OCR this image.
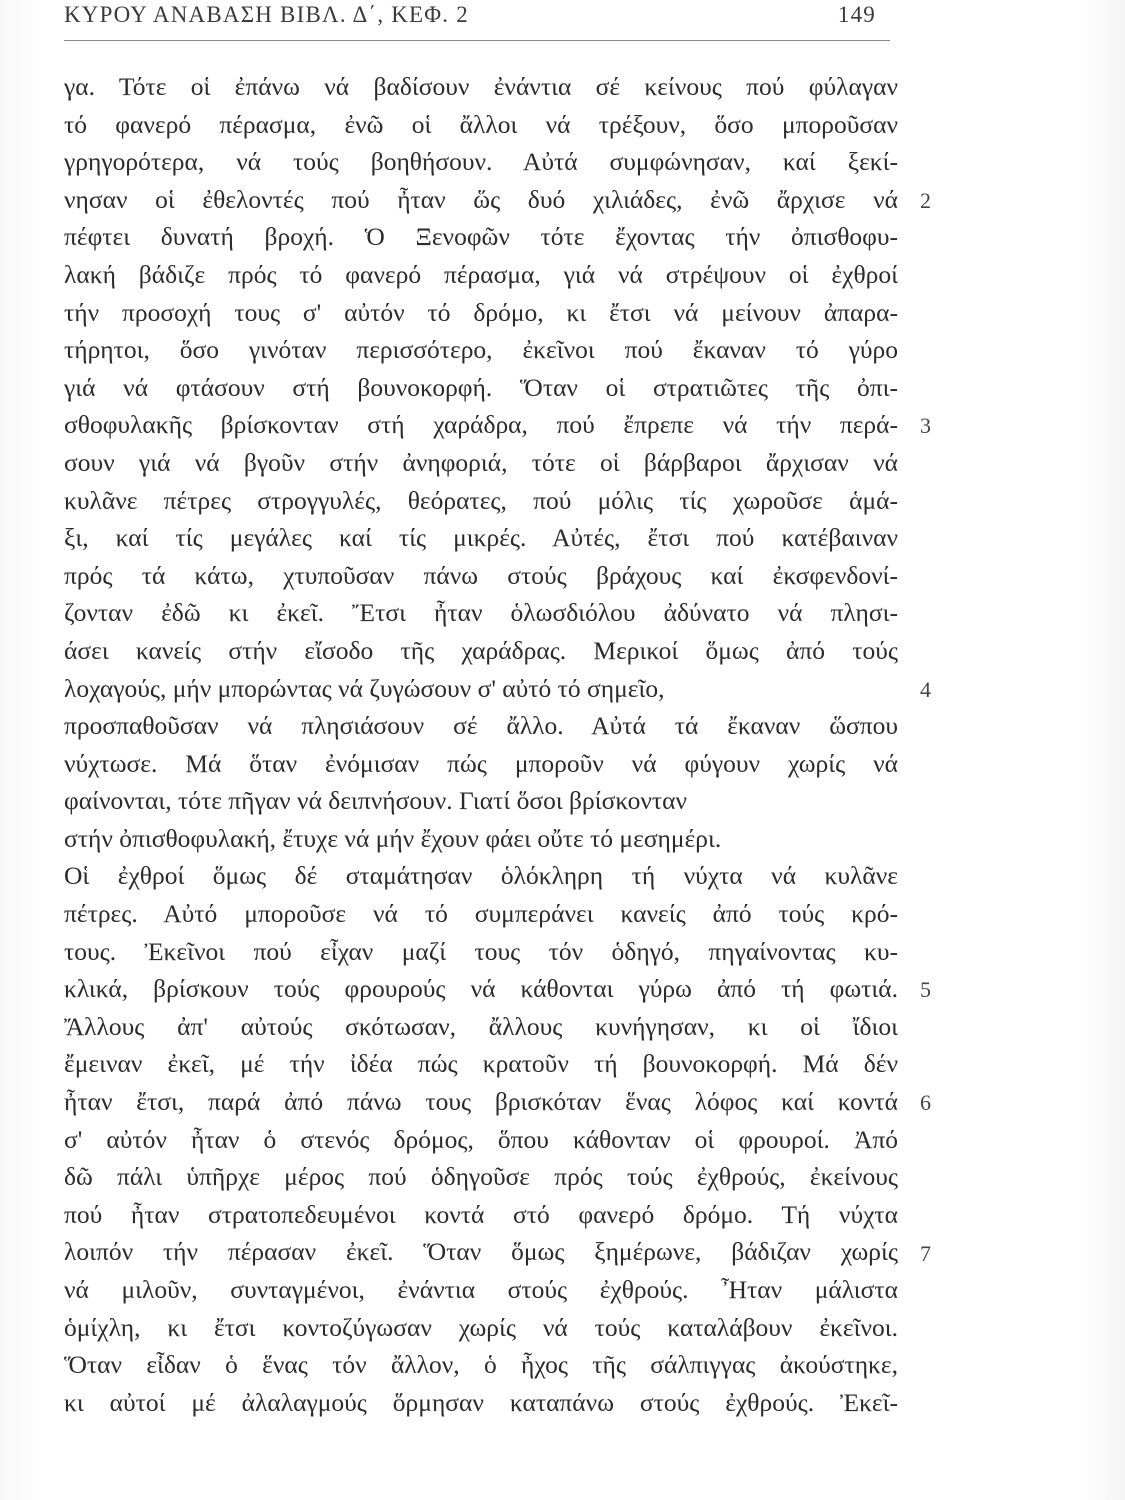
ΚΥΡΟΥ ΑΝΑΒΑΣΗ ΒΙΒΛ. Δ΄, ΚΕΦ. 2	149
γα. Τότε οἱ ἐπάνω νά βαδίσουν ἐνάντια σέ κείνους πού φύλαγαν
τό φανερό πέρασμα, ἐνῶ οἱ ἄλλοι νά τρέξουν, ὅσο μποροῦσαν
γρηγορότερα, νά τούς βοηθήσουν. Αὐτά συμφώνησαν, καί ξεκί-
νησαν οἱ ἐθελοντές πού ἦταν ὥς δυό χιλιάδες, ἐνῶ ἄρχισε νά
πέφτει δυνατή βροχή. Ὁ Ξενοφῶν τότε ἔχοντας τήν ὀπισθοφυ-
λακή βάδιζε πρός τό φανερό πέρασμα, γιά νά στρέψουν οἱ ἐχθροί
τήν προσοχή τους σ' αὐτόν τό δρόμο, κι ἔτσι νά μείνουν ἀπαρα-
τήρητοι, ὅσο γινόταν περισσότερο, ἐκεῖνοι πού ἔκαναν τό γύρο
γιά νά φτάσουν στή βουνοκορφή. Ὅταν οἱ στρατιῶτες τῆς ὀπι-
σθοφυλακῆς βρίσκονταν στή χαράδρα, πού ἔπρεπε νά τήν περά-
σουν γιά νά βγοῦν στήν ἀνηφοριά, τότε οἱ βάρβαροι ἄρχισαν νά
κυλᾶνε πέτρες στρογγυλές, θεόρατες, πού μόλις τίς χωροῦσε ἁμά-
ξι, καί τίς μεγάλες καί τίς μικρές. Αὐτές, ἔτσι πού κατέβαιναν
πρός τά κάτω, χτυποῦσαν πάνω στούς βράχους καί ἐκσφενδονί-
ζονταν ἐδῶ κι ἐκεῖ. Ἔτσι ἦταν ὁλωσδιόλου ἀδύνατο νά πλησι-
άσει κανείς στήν εἴσοδο τῆς χαράδρας. Μερικοί ὅμως ἀπό τούς
λοχαγούς, μήν μπορώντας νά ζυγώσουν σ' αὐτό τό σημεῖο,
προσπαθοῦσαν νά πλησιάσουν σέ ἄλλο. Αὐτά τά ἔκαναν ὥσπου
νύχτωσε. Μά ὅταν ἐνόμισαν πώς μποροῦν νά φύγουν χωρίς νά
φαίνονται, τότε πῆγαν νά δειπνήσουν. Γιατί ὅσοι βρίσκονταν
στήν ὀπισθοφυλακή, ἔτυχε νά μήν ἔχουν φάει οὔτε τό μεσημέρι.
Οἱ ἐχθροί ὅμως δέ σταμάτησαν ὁλόκληρη τή νύχτα νά κυλᾶνε
πέτρες. Αὐτό μποροῦσε νά τό συμπεράνει κανείς ἀπό τούς κρό-
τους. Ἐκεῖνοι πού εἶχαν μαζί τους τόν ὁδηγό, πηγαίνοντας κυ-
κλικά, βρίσκουν τούς φρουρούς νά κάθονται γύρω ἀπό τή φωτιά.
Ἄλλους ἀπ' αὐτούς σκότωσαν, ἄλλους κυνήγησαν, κι οἱ ἴδιοι
ἔμειναν ἐκεῖ, μέ τήν ἰδέα πώς κρατοῦν τή βουνοκορφή. Μά δέν
ἦταν ἔτσι, παρά ἀπό πάνω τους βρισκόταν ἕνας λόφος καί κοντά
σ' αὐτόν ἦταν ὁ στενός δρόμος, ὅπου κάθονταν οἱ φρουροί. Ἀπό
δῶ πάλι ὑπῆρχε μέρος πού ὁδηγοῦσε πρός τούς ἐχθρούς, ἐκείνους
πού ἦταν στρατοπεδευμένοι κοντά στό φανερό δρόμο. Τή νύχτα
λοιπόν τήν πέρασαν ἐκεῖ. Ὅταν ὅμως ξημέρωνε, βάδιζαν χωρίς
νά μιλοῦν, συνταγμένοι, ἐνάντια στούς ἐχθρούς. Ἦταν μάλιστα
ὁμίχλη, κι ἔτσι κοντοζύγωσαν χωρίς νά τούς καταλάβουν ἐκεῖνοι.
Ὅταν εἶδαν ὁ ἕνας τόν ἄλλον, ὁ ἦχος τῆς σάλπιγγας ἀκούστηκε,
κι αὐτοί μέ ἀλαλαγμούς ὅρμησαν καταπάνω στούς ἐχθρούς. Ἐκεῖ-
2
3
4
5
6
7
